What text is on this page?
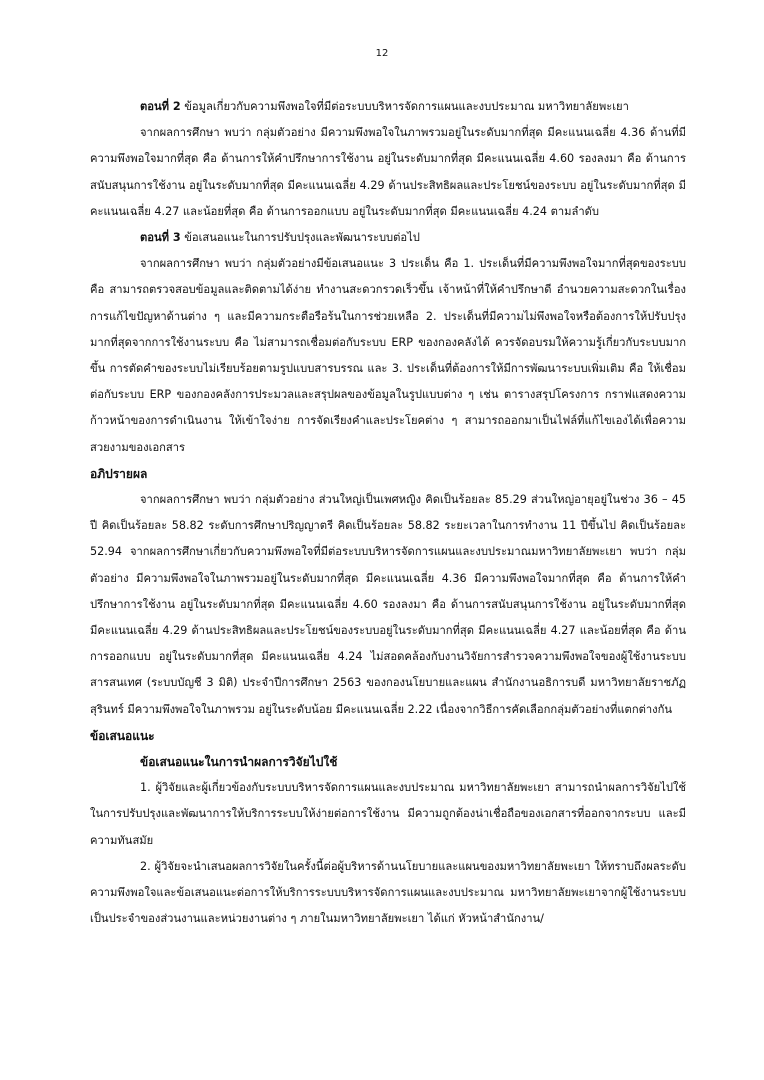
12

ตอนที่ 2 ข้อมูลเกี่ยวกับความพึงพอใจที่มีต่อระบบบริหารจัดการแผนและงบประมาณ มหาวิทยาลัยพะเยา

จากผลการศึกษา พบว่า กลุ่มตัวอย่าง มีความพึงพอใจในภาพรวมอยู่ในระดับมากที่สุด มีคะแนนเฉลี่ย 4.36 ด้านที่มีความพึงพอใจมากที่สุด คือ ด้านการให้คำปรึกษาการใช้งาน อยู่ในระดับมากที่สุด มีคะแนนเฉลี่ย 4.60 รองลงมา คือ ด้านการสนับสนุนการใช้งาน อยู่ในระดับมากที่สุด มีคะแนนเฉลี่ย 4.29 ด้านประสิทธิผลและประโยชน์ของระบบ อยู่ในระดับมากที่สุด มีคะแนนเฉลี่ย 4.27 และน้อยที่สุด คือ ด้านการออกแบบ อยู่ในระดับมากที่สุด มีคะแนนเฉลี่ย 4.24 ตามลำดับ

ตอนที่ 3 ข้อเสนอแนะในการปรับปรุงและพัฒนาระบบต่อไป

จากผลการศึกษา พบว่า กลุ่มตัวอย่างมีข้อเสนอแนะ 3 ประเด็น คือ 1. ประเด็นที่มีความพึงพอใจมากที่สุดของระบบ คือ สามารถตรวจสอบข้อมูลและติดตามได้ง่าย ทำงานสะดวกรวดเร็วขึ้น เจ้าหน้าที่ให้คำปรึกษาดี อำนวยความสะดวกในเรื่องการแก้ไขปัญหาด้านต่าง ๆ และมีความกระตือรือร้นในการช่วยเหลือ 2. ประเด็นที่มีความไม่พึงพอใจหรือต้องการให้ปรับปรุงมากที่สุดจากการใช้งานระบบ คือ ไม่สามารถเชื่อมต่อกับระบบ ERP ของกองคลังได้ ควรจัดอบรมให้ความรู้เกี่ยวกับระบบมากขึ้น การตัดคำของระบบไม่เรียบร้อยตามรูปแบบสารบรรณ และ 3. ประเด็นที่ต้องการให้มีการพัฒนาระบบเพิ่มเติม คือ ให้เชื่อมต่อกับระบบ ERP ของกองคลังการประมวลและสรุปผลของข้อมูลในรูปแบบต่าง ๆ เช่น ตารางสรุปโครงการ กราฟแสดงความก้าวหน้าของการดำเนินงาน ให้เข้าใจง่าย การจัดเรียงคำและประโยคต่าง ๆ สามารถออกมาเป็นไฟล์ที่แก้ไขเองได้เพื่อความสวยงามของเอกสาร

อภิปรายผล

จากผลการศึกษา พบว่า กลุ่มตัวอย่าง ส่วนใหญ่เป็นเพศหญิง คิดเป็นร้อยละ 85.29 ส่วนใหญ่อายุอยู่ในช่วง 36 – 45 ปี คิดเป็นร้อยละ 58.82 ระดับการศึกษาปริญญาตรี คิดเป็นร้อยละ 58.82 ระยะเวลาในการทำงาน 11 ปีขึ้นไป คิดเป็นร้อยละ 52.94 จากผลการศึกษาเกี่ยวกับความพึงพอใจที่มีต่อระบบบริหารจัดการแผนและงบประมาณมหาวิทยาลัยพะเยา พบว่า กลุ่มตัวอย่าง มีความพึงพอใจในภาพรวมอยู่ในระดับมากที่สุด มีคะแนนเฉลี่ย 4.36 มีความพึงพอใจมากที่สุด คือ ด้านการให้คำปรึกษาการใช้งาน อยู่ในระดับมากที่สุด มีคะแนนเฉลี่ย 4.60 รองลงมา คือ ด้านการสนับสนุนการใช้งาน อยู่ในระดับมากที่สุด มีคะแนนเฉลี่ย 4.29 ด้านประสิทธิผลและประโยชน์ของระบบอยู่ในระดับมากที่สุด มีคะแนนเฉลี่ย 4.27 และน้อยที่สุด คือ ด้านการออกแบบ อยู่ในระดับมากที่สุด มีคะแนนเฉลี่ย 4.24 ไม่สอดคล้องกับงานวิจัยการสำรวจความพึงพอใจของผู้ใช้งานระบบสารสนเทศ (ระบบบัญชี 3 มิติ) ประจำปีการศึกษา 2563 ของกองนโยบายและแผน สำนักงานอธิการบดี มหาวิทยาลัยราชภัฏสุรินทร์ มีความพึงพอใจในภาพรวม อยู่ในระดับน้อย มีคะแนนเฉลี่ย 2.22 เนื่องจากวิธีการคัดเลือกกลุ่มตัวอย่างที่แตกต่างกัน

ข้อเสนอแนะ

ข้อเสนอแนะในการนำผลการวิจัยไปใช้

1. ผู้วิจัยและผู้เกี่ยวข้องกับระบบบริหารจัดการแผนและงบประมาณ มหาวิทยาลัยพะเยา สามารถนำผลการวิจัยไปใช้ในการปรับปรุงและพัฒนาการให้บริการระบบให้ง่ายต่อการใช้งาน มีความถูกต้องน่าเชื่อถือของเอกสารที่ออกจากระบบ และมีความทันสมัย

2. ผู้วิจัยจะนำเสนอผลการวิจัยในครั้งนี้ต่อผู้บริหารด้านนโยบายและแผนของมหาวิทยาลัยพะเยา ให้ทราบถึงผลระดับความพึงพอใจและข้อเสนอแนะต่อการให้บริการระบบบริหารจัดการแผนและงบประมาณ มหาวิทยาลัยพะเยาจากผู้ใช้งานระบบเป็นประจำของส่วนงานและหน่วยงานต่าง ๆ ภายในมหาวิทยาลัยพะเยา ได้แก่ หัวหน้าสำนักงาน/
